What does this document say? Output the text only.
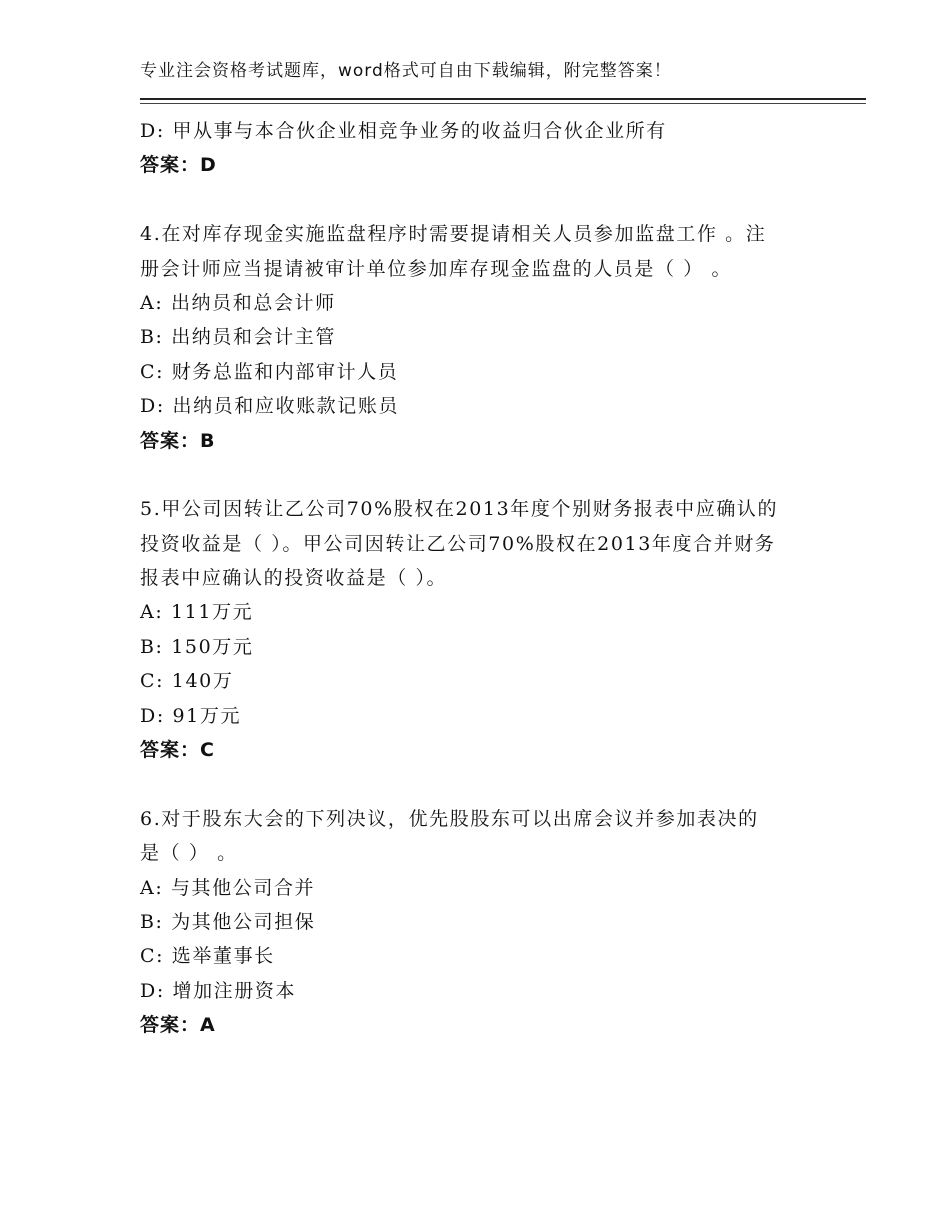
专业注会资格考试题库，word格式可自由下载编辑，附完整答案！
D: 甲从事与本合伙企业相竞争业务的收益归合伙企业所有
答案：D
4.在对库存现金实施监盘程序时需要提请相关人员参加监盘工作 。注
册会计师应当提请被审计单位参加库存现金监盘的人员是（ ） 。
A: 出纳员和总会计师
B: 出纳员和会计主管
C: 财务总监和内部审计人员
D: 出纳员和应收账款记账员
答案：B
5.甲公司因转让乙公司70%股权在2013年度个别财务报表中应确认的
投资收益是（ ）。甲公司因转让乙公司70%股权在2013年度合并财务
报表中应确认的投资收益是（ ）。
A: 111万元
B: 150万元
C: 140万
D: 91万元
答案：C
6.对于股东大会的下列决议，优先股股东可以出席会议并参加表决的
是（ ） 。
A: 与其他公司合并
B: 为其他公司担保
C: 选举董事长
D: 增加注册资本
答案：A
